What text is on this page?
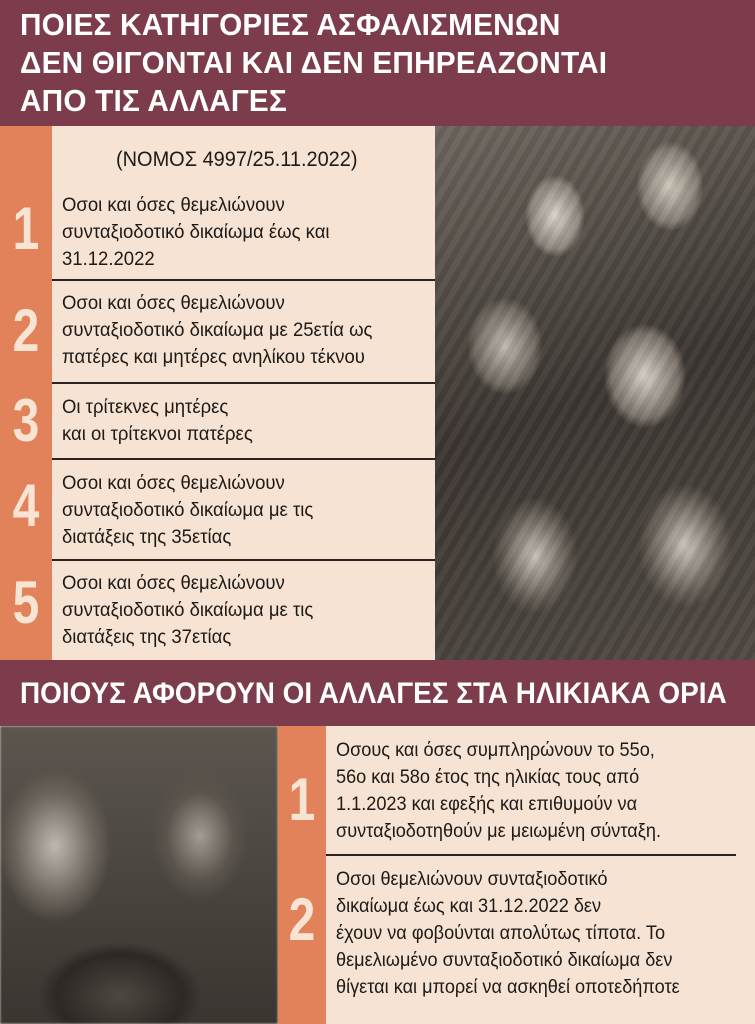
ΠΟΙΕΣ ΚΑΤΗΓΟΡΙΕΣ ΑΣΦΑΛΙΣΜΕΝΩΝ
ΔΕΝ ΘΙΓΟΝΤΑΙ ΚΑΙ ΔΕΝ ΕΠΗΡΕΑΖΟΝΤΑΙ
ΑΠΟ ΤΙΣ ΑΛΛΑΓΕΣ
1
2
3
4
5
(ΝΟΜΟΣ 4997/25.11.2022)
Οσοι και όσες θεμελιώνουν
συνταξιοδοτικό δικαίωμα έως και
31.12.2022
Οσοι και όσες θεμελιώνουν
συνταξιοδοτικό δικαίωμα με 25ετία ως
πατέρες και μητέρες ανηλίκου τέκνου
Οι τρίτεκνες μητέρες
και οι τρίτεκνοι πατέρες
Οσοι και όσες θεμελιώνουν
συνταξιοδοτικό δικαίωμα με τις
διατάξεις της 35ετίας
Οσοι και όσες θεμελιώνουν
συνταξιοδοτικό δικαίωμα με τις
διατάξεις της 37ετίας
ΠΟΙΟΥΣ ΑΦΟΡΟΥΝ ΟΙ ΑΛΛΑΓΕΣ ΣΤΑ ΗΛΙΚΙΑΚΑ ΟΡΙΑ
1
2
Οσους και όσες συμπληρώνουν το 55ο,
56ο και 58ο έτος της ηλικίας τους από
1.1.2023 και εφεξής και επιθυμούν να
συνταξιοδοτηθούν με μειωμένη σύνταξη.
Οσοι θεμελιώνουν συνταξιοδοτικό
δικαίωμα έως και 31.12.2022 δεν
έχουν να φοβούνται απολύτως τίποτα. Το
θεμελιωμένο συνταξιοδοτικό δικαίωμα δεν
θίγεται και μπορεί να ασκηθεί οποτεδήποτε
